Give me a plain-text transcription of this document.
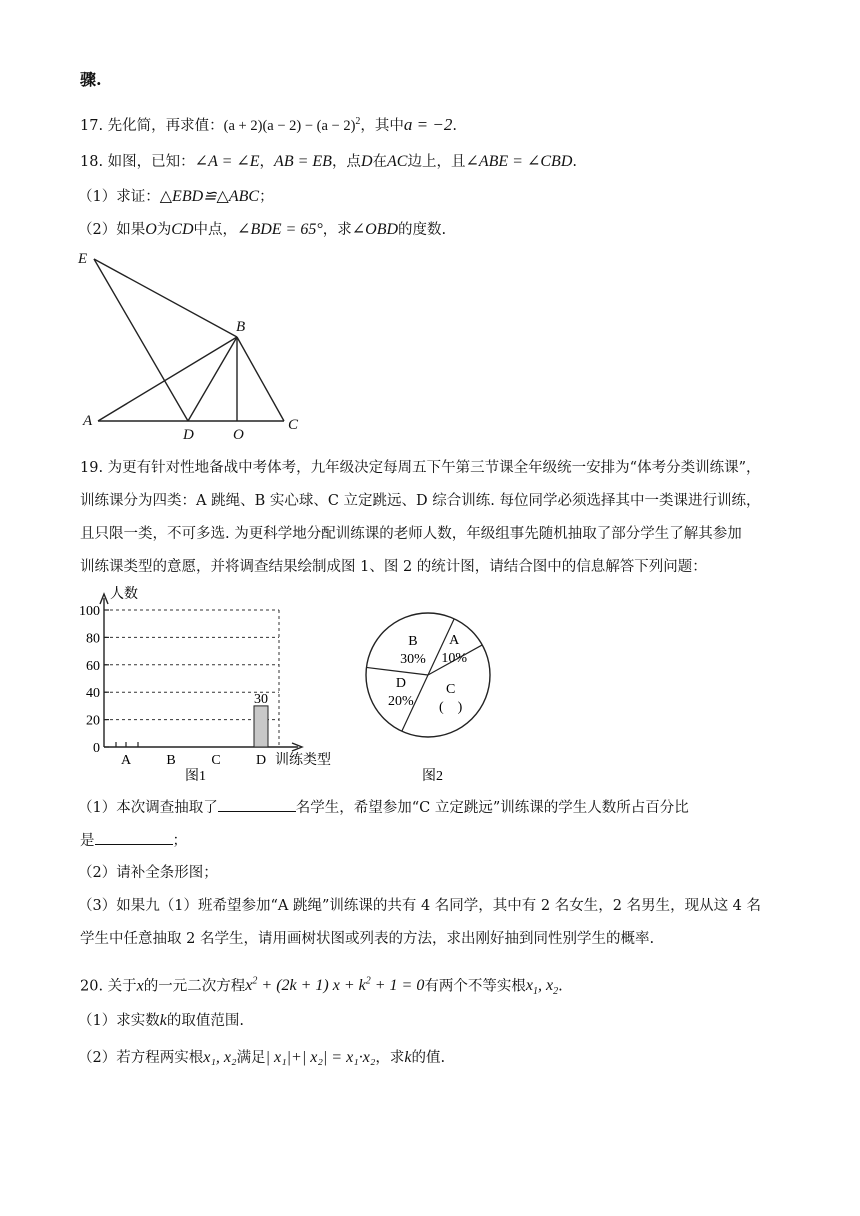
骤.
17. 先化简，再求值：$(a + 2)(a - 2) - (a - 2)^2$，其中a = −2.
18. 如图，已知：∠A = ∠E，AB = EB，点D在AC边上，且∠ABE = ∠CBD.
（1）求证：△EBD≌△ABC；
（2）如果O为CD中点，∠BDE = 65°，求∠OBD的度数.
E
B
A
D	O
C
19. 为更有针对性地备战中考体考，九年级决定每周五下午第三节课全年级统一安排为“体考分类训练课”，
训练课分为四类：A 跳绳、B 实心球、C 立定跳远、D 综合训练. 每位同学必须选择其中一类课进行训练，
且只限一类，不可多选. 为更科学地分配训练课的老师人数，年级组事先随机抽取了部分学生了解其参加
训练课类型的意愿，并将调查结果绘制成图 1、图 2 的统计图，请结合图中的信息解答下列问题：
人数
训练类型
图1
0
20
40
60
80
100
A	B	C	D
30
A
10%
C
(　)
D
20%
B
30%
图2
（1）本次调查抽取了	名学生，希望参加“C 立定跳远”训练课的学生人数所占百分比
是	；
（2）请补全条形图；
（3）如果九（1）班希望参加“A 跳绳”训练课的共有 4 名同学，其中有 2 名女生，2 名男生，现从这 4 名
学生中任意抽取 2 名学生，请用画树状图或列表的方法，求出刚好抽到同性别学生的概率.
20. 关于x的一元二次方程$x^2 + (2k + 1) x + k^2 + 1 = 0$有两个不等实根$x_1$, $x_2$.
（1）求实数k的取值范围.
（2）若方程两实根x₁, x₂满足| x₁|+| x₂| = x₁·x₂，求k的值.
